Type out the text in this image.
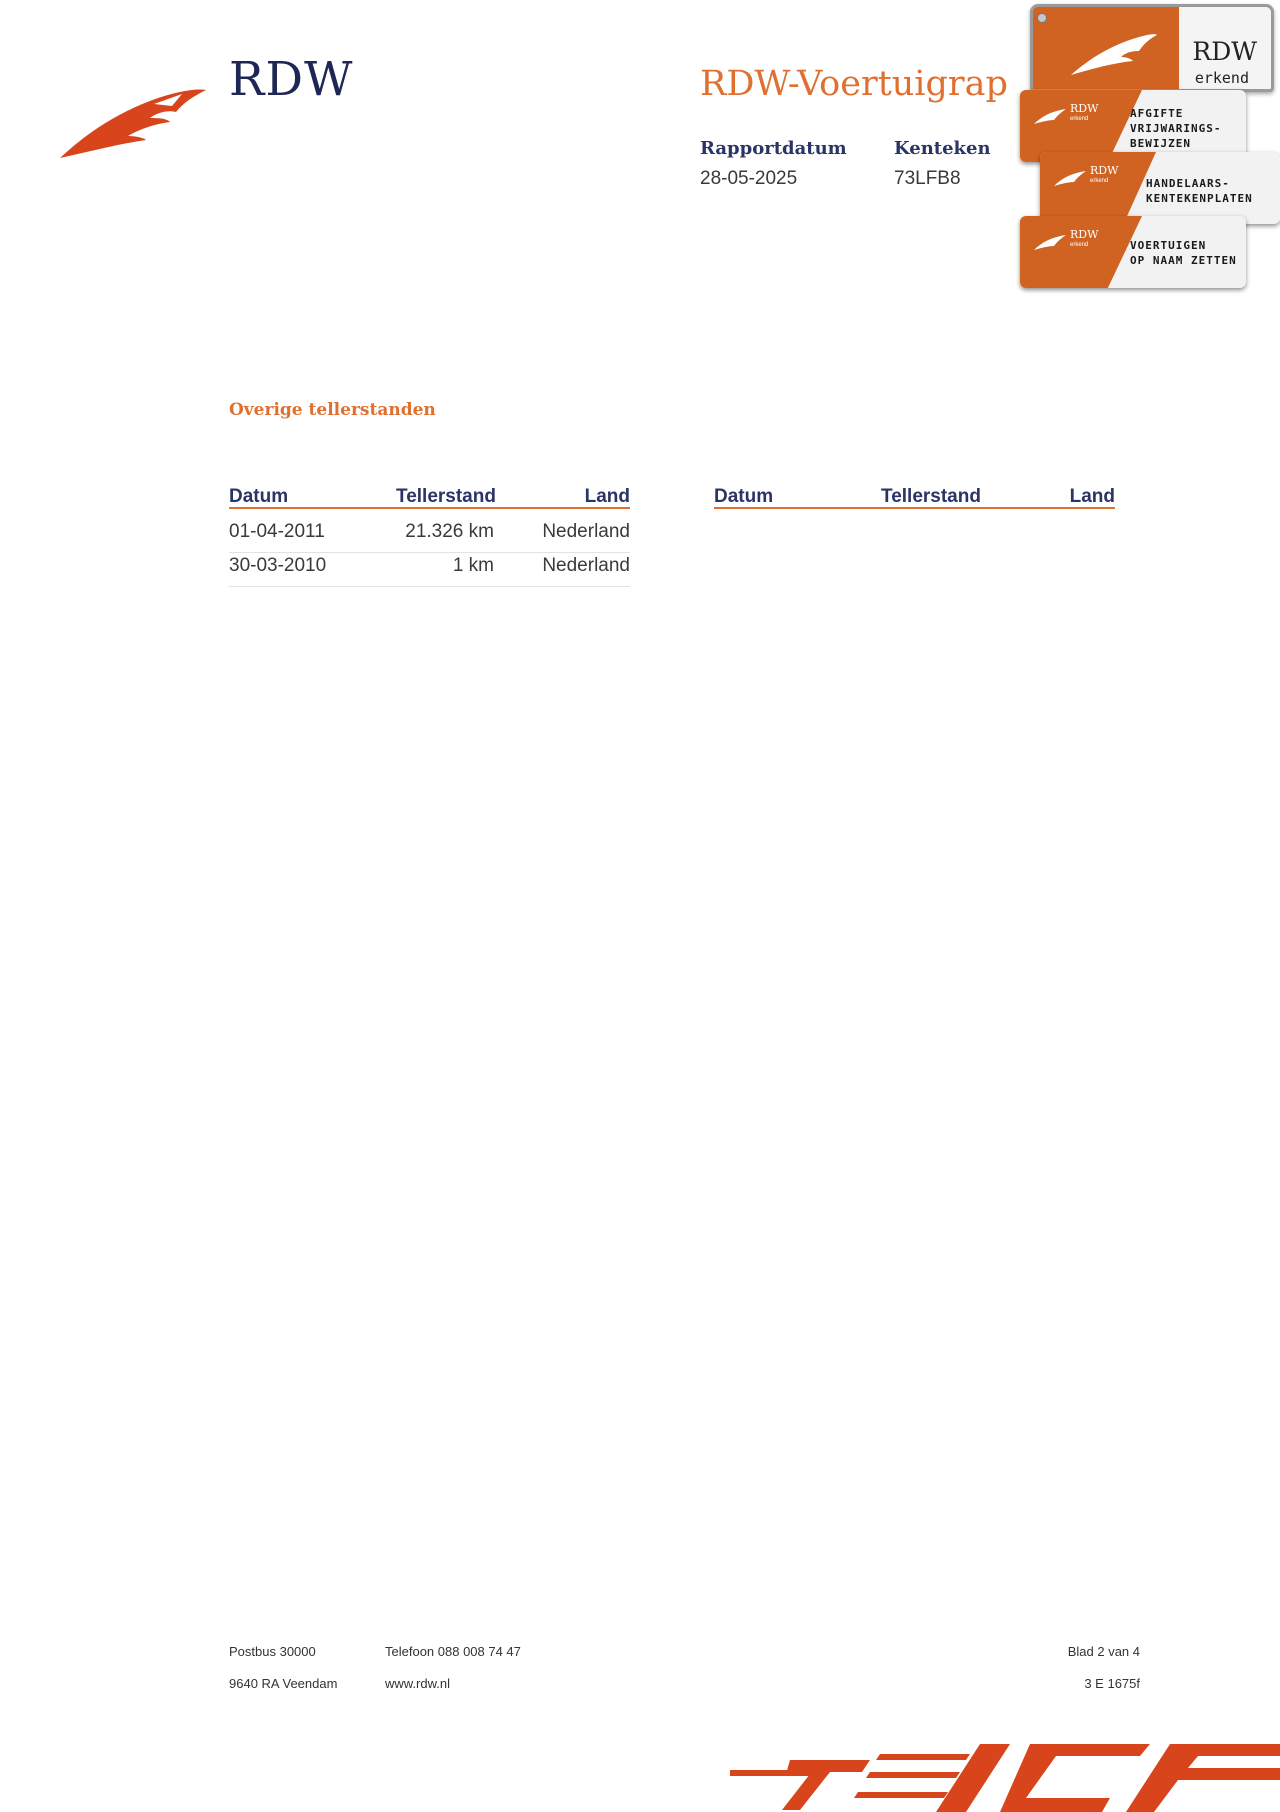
RDW	RDW-Voertuigrap
Rapportdatum
28-05-2025
Kenteken
73LFB8
RDW
erkend
RDW
erkend	AFGIFTE
VRIJWARINGS-
BEWIJZEN
RDW
erkend	HANDELAARS-
KENTEKENPLATEN
RDW
erkend	VOERTUIGEN
OP NAAM ZETTEN
Overige tellerstanden
Datum	Tellerstand	Land
01-04-2011	21.326 km	Nederland
30-03-2010	1 km	Nederland
Datum	Tellerstand	Land
Postbus 30000
9640 RA Veendam
Telefoon 088 008 74 47
www.rdw.nl
Blad 2 van 4
3 E 1675f
